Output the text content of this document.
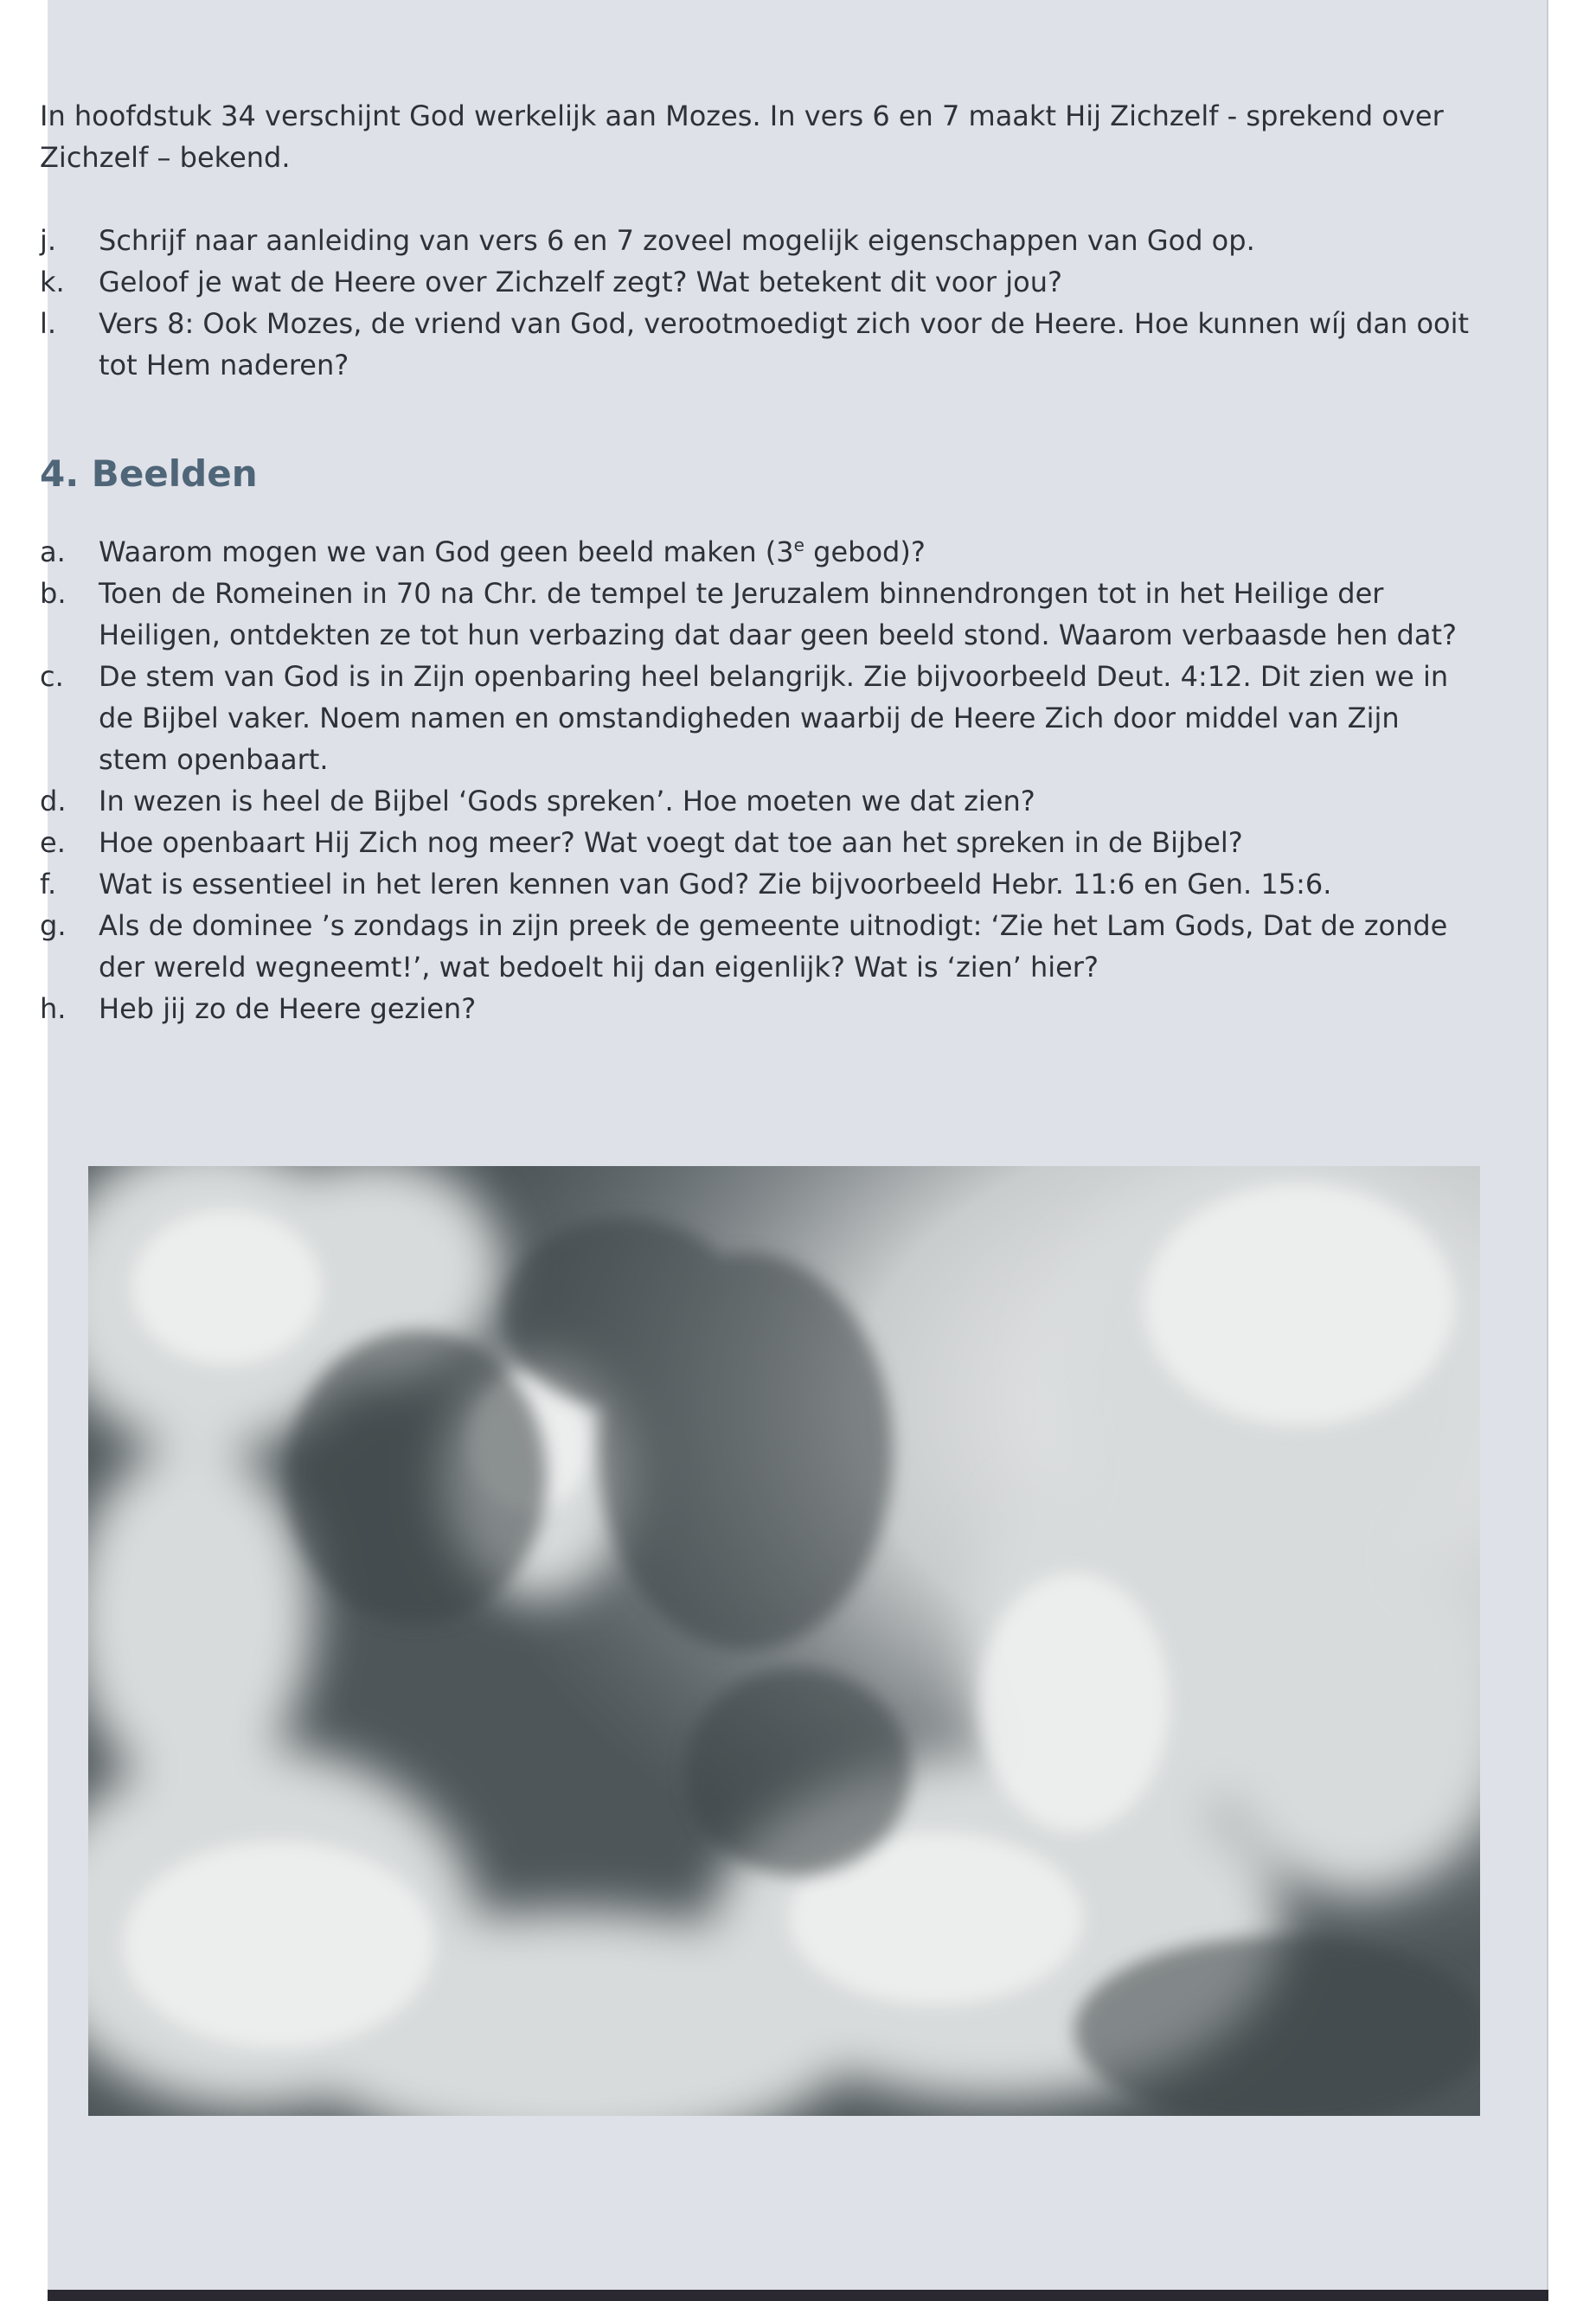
In hoofdstuk 34 verschijnt God werkelijk aan Mozes. In vers 6 en 7 maakt Hij Zichzelf - sprekend over Zichzelf – bekend.

j.	Schrijf naar aanleiding van vers 6 en 7 zoveel mogelijk eigenschappen van God op.
k.	Geloof je wat de Heere over Zichzelf zegt? Wat betekent dit voor jou?
l.	Vers 8: Ook Mozes, de vriend van God, verootmoedigt zich voor de Heere. Hoe kunnen wíj dan ooit tot Hem naderen?
4. Beelden
a.	Waarom mogen we van God geen beeld maken (3e gebod)?
b.	Toen de Romeinen in 70 na Chr. de tempel te Jeruzalem binnendrongen tot in het Heilige der Heiligen, ontdekten ze tot hun verbazing dat daar geen beeld stond. Waarom verbaasde hen dat?
c.	De stem van God is in Zijn openbaring heel belangrijk. Zie bijvoorbeeld Deut. 4:12. Dit zien we in de Bijbel vaker. Noem namen en omstandigheden waarbij de Heere Zich door middel van Zijn stem openbaart.
d.	In wezen is heel de Bijbel ‘Gods spreken’. Hoe moeten we dat zien?
e.	Hoe openbaart Hij Zich nog meer? Wat voegt dat toe aan het spreken in de Bijbel?
f.	Wat is essentieel in het leren kennen van God? Zie bijvoorbeeld Hebr. 11:6 en Gen. 15:6.
g.	Als de dominee ’s zondags in zijn preek de gemeente uitnodigt: ‘Zie het Lam Gods, Dat de zonde der wereld wegneemt!’, wat bedoelt hij dan eigenlijk? Wat is ‘zien’ hier?
h.	Heb jij zo de Heere gezien?
